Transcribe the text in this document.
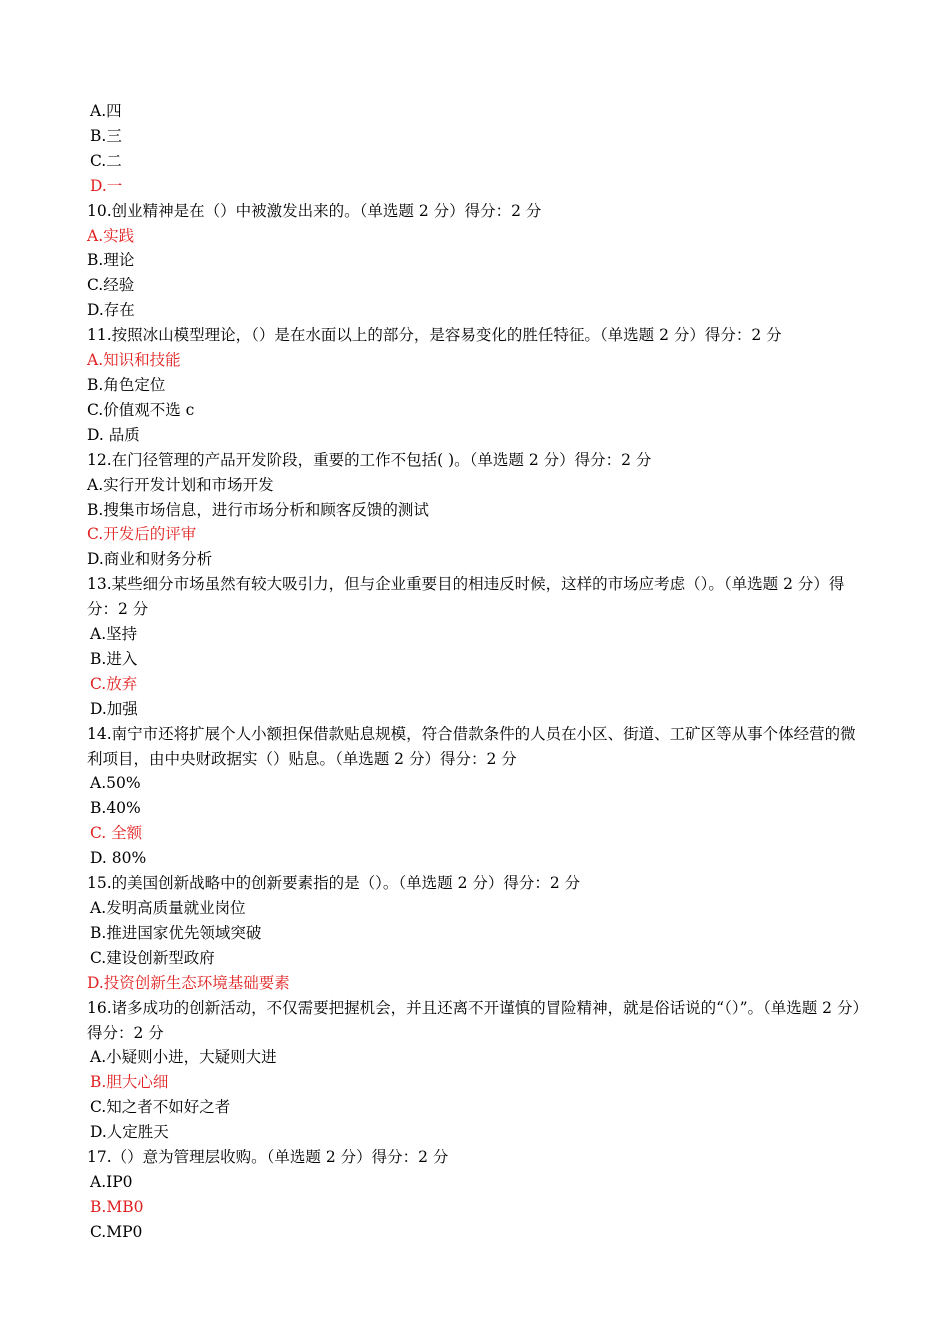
A.四
B.三
C.二
D.一
10.创业精神是在（）中被激发出来的。（单选题 2 分）得分：2 分
A.实践
B.理论
C.经验
D.存在
11.按照冰山模型理论，（）是在水面以上的部分，是容易变化的胜任特征。（单选题 2 分）得分：2 分
A.知识和技能
B.角色定位
C.价值观不选 c
D. 品质
12.在门径管理的产品开发阶段，重要的工作不包括( )。（单选题 2 分）得分：2 分
A.实行开发计划和市场开发
B.搜集市场信息，进行市场分析和顾客反馈的测试
C.开发后的评审
D.商业和财务分析
13.某些细分市场虽然有较大吸引力，但与企业重要目的相违反时候，这样的市场应考虑（）。（单选题 2 分）得分：2 分
A.坚持
B.进入
C.放弃
D.加强
14.南宁市还将扩展个人小额担保借款贴息规模，符合借款条件的人员在小区、街道、工矿区等从事个体经营的微利项目，由中央财政据实（）贴息。（单选题 2 分）得分：2 分
A.50%
B.40%
C. 全额
D. 80%
15.的美国创新战略中的创新要素指的是（）。（单选题 2 分）得分：2 分
A.发明高质量就业岗位
B.推进国家优先领域突破
C.建设创新型政府
D.投资创新生态环境基础要素
16.诸多成功的创新活动，不仅需要把握机会，并且还离不开谨慎的冒险精神，就是俗话说的“（）”。（单选题 2 分）得分：2 分
A.小疑则小进，大疑则大进
B.胆大心细
C.知之者不如好之者
D.人定胜天
17.（）意为管理层收购。（单选题 2 分）得分：2 分
A.IP0
B.MB0
C.MP0
